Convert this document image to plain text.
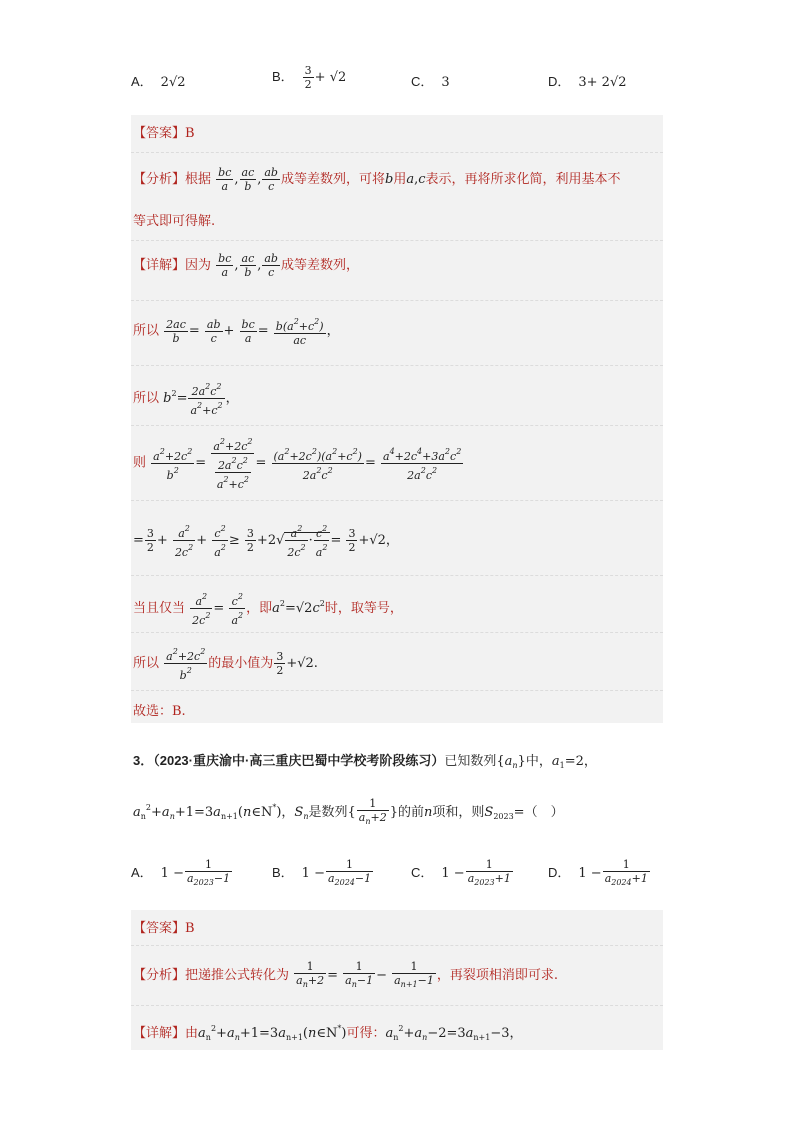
A． 2√2	B． $\frac{3}{2} + √2$	C． 3	D． 3+ 2√2
【答案】B
【分析】根据 $\frac{bc}{a}$ , $\frac{ac}{b}$ , $\frac{ab}{c}$ 成等差数列，可将b用a,c表示，再将所求化简，利用基本不
等式即可得解.
【详解】因为 $\frac{bc}{a}$ , $\frac{ac}{b}$ , $\frac{ab}{c}$ 成等差数列，
所以 $\frac{2ac}{b} = \frac{ab}{c} + \frac{bc}{a} = \frac{b(a^2+c^2)}{ac}$ ，
所以 $b^2= \frac{2a^2c^2}{a^2+c^2}$ ，
则 $\frac{a^2+2c^2}{b^2} = \frac{a^2+2c^2}{\frac{2a^2c^2}{a^2+c^2}} = \frac{(a^2+2c^2)(a^2+c^2)}{2a^2c^2} = \frac{a^4+2c^4+3a^2c^2}{2a^2c^2}$
= $\frac{3}{2} + \frac{a^2}{2c^2} + \frac{c^2}{a^2} \ge \frac{3}{2} +2√ \frac{a^2}{2c^2} \cdot \frac{c^2}{a^2} = \frac{3}{2} +√2$，
当且仅当 $\frac{a^2}{2c^2} = \frac{c^2}{a^2}$ ，即$a^2=√2c^2$时，取等号，
所以 $\frac{a^2+2c^2}{b^2}$ 的最小值为 $\frac{3}{2} +√2$.
故选：B.
3．（2023·重庆渝中·高三重庆巴蜀中学校考阶段练习）已知数列$\{a_n\}$中，$a_1=2$，
$a_n^2+a_n+1=3a_{n+1}(n\in N^*)$，$S_n$是数列{ $\frac{1}{a_n+2}$ }的前n项和，则$S_{2023}=$（　）
A． $1 - \frac{1}{a_{2023}-1}$	B． $1 - \frac{1}{a_{2024}-1}$	C． $1 - \frac{1}{a_{2023}+1}$	D． $1 - \frac{1}{a_{2024}+1}$
【答案】B
【分析】把递推公式转化为 $\frac{1}{a_n+2} = \frac{1}{a_n-1} - \frac{1}{a_{n+1}-1}$ ，再裂项相消即可求.
【详解】由$a_n^2+a_n+1=3a_{n+1}(n\in N^*)$可得：$a_n^2+a_n-2=3a_{n+1}-3$，
